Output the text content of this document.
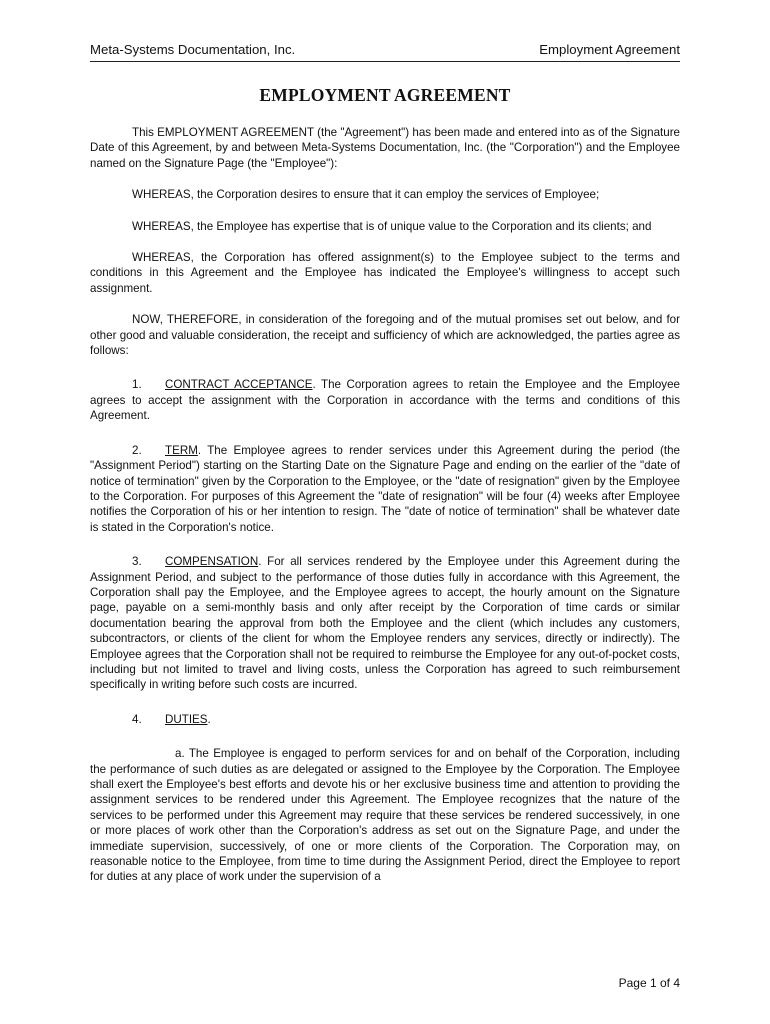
Meta-Systems Documentation, Inc.	Employment Agreement
EMPLOYMENT AGREEMENT

This EMPLOYMENT AGREEMENT (the "Agreement") has been made and entered into as of the Signature Date of this Agreement, by and between Meta-Systems Documentation, Inc. (the "Corporation") and the Employee named on the Signature Page (the "Employee"):

WHEREAS, the Corporation desires to ensure that it can employ the services of Employee;

WHEREAS, the Employee has expertise that is of unique value to the Corporation and its clients; and

WHEREAS, the Corporation has offered assignment(s) to the Employee subject to the terms and conditions in this Agreement and the Employee has indicated the Employee's willingness to accept such assignment.

NOW, THEREFORE, in consideration of the foregoing and of the mutual promises set out below, and for other good and valuable consideration, the receipt and sufficiency of which are acknowledged, the parties agree as follows:

1. CONTRACT ACCEPTANCE. The Corporation agrees to retain the Employee and the Employee agrees to accept the assignment with the Corporation in accordance with the terms and conditions of this Agreement.

2. TERM. The Employee agrees to render services under this Agreement during the period (the "Assignment Period") starting on the Starting Date on the Signature Page and ending on the earlier of the "date of notice of termination" given by the Corporation to the Employee, or the "date of resignation" given by the Employee to the Corporation. For purposes of this Agreement the "date of resignation" will be four (4) weeks after Employee notifies the Corporation of his or her intention to resign. The "date of notice of termination" shall be whatever date is stated in the Corporation's notice.

3. COMPENSATION. For all services rendered by the Employee under this Agreement during the Assignment Period, and subject to the performance of those duties fully in accordance with this Agreement, the Corporation shall pay the Employee, and the Employee agrees to accept, the hourly amount on the Signature page, payable on a semi-monthly basis and only after receipt by the Corporation of time cards or similar documentation bearing the approval from both the Employee and the client (which includes any customers, subcontractors, or clients of the client for whom the Employee renders any services, directly or indirectly). The Employee agrees that the Corporation shall not be required to reimburse the Employee for any out-of-pocket costs, including but not limited to travel and living costs, unless the Corporation has agreed to such reimbursement specifically in writing before such costs are incurred.

4. DUTIES.

a. The Employee is engaged to perform services for and on behalf of the Corporation, including the performance of such duties as are delegated or assigned to the Employee by the Corporation. The Employee shall exert the Employee's best efforts and devote his or her exclusive business time and attention to providing the assignment services to be rendered under this Agreement. The Employee recognizes that the nature of the services to be performed under this Agreement may require that these services be rendered successively, in one or more places of work other than the Corporation's address as set out on the Signature Page, and under the immediate supervision, successively, of one or more clients of the Corporation. The Corporation may, on reasonable notice to the Employee, from time to time during the Assignment Period, direct the Employee to report for duties at any place of work under the supervision of a

Page 1 of 4
